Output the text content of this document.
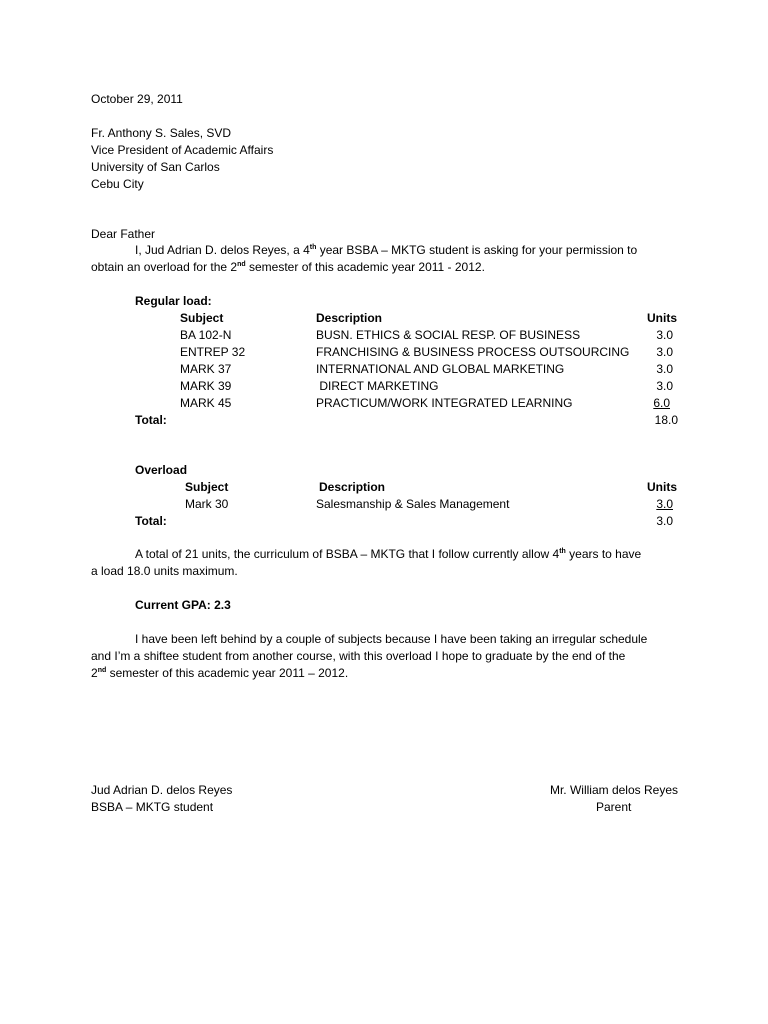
October 29, 2011
Fr. Anthony S. Sales, SVD
Vice President of Academic Affairs
University of San Carlos
Cebu City
Dear Father
I, Jud Adrian D. delos Reyes, a 4th year BSBA – MKTG student is asking for your permission to
obtain an overload for the 2nd semester of this academic year 2011 - 2012.
Regular load:
Subject	Description	Units
BA 102-N	BUSN. ETHICS & SOCIAL RESP. OF BUSINESS	3.0
ENTREP 32	FRANCHISING & BUSINESS PROCESS OUTSOURCING	3.0
MARK 37	INTERNATIONAL AND GLOBAL MARKETING	3.0
MARK 39	DIRECT MARKETING	3.0
MARK 45	PRACTICUM/WORK INTEGRATED LEARNING	6.0
Total:	18.0
Overload
Subject	Description	Units
Mark 30	Salesmanship & Sales Management	3.0
Total:	3.0
A total of 21 units, the curriculum of BSBA – MKTG that I follow currently allow 4th years to have
a load 18.0 units maximum.
Current GPA: 2.3
I have been left behind by a couple of subjects because I have been taking an irregular schedule
and I’m a shiftee student from another course, with this overload I hope to graduate by the end of the
2nd semester of this academic year 2011 – 2012.
Jud Adrian D. delos Reyes
BSBA – MKTG student
Mr. William delos Reyes
Parent
